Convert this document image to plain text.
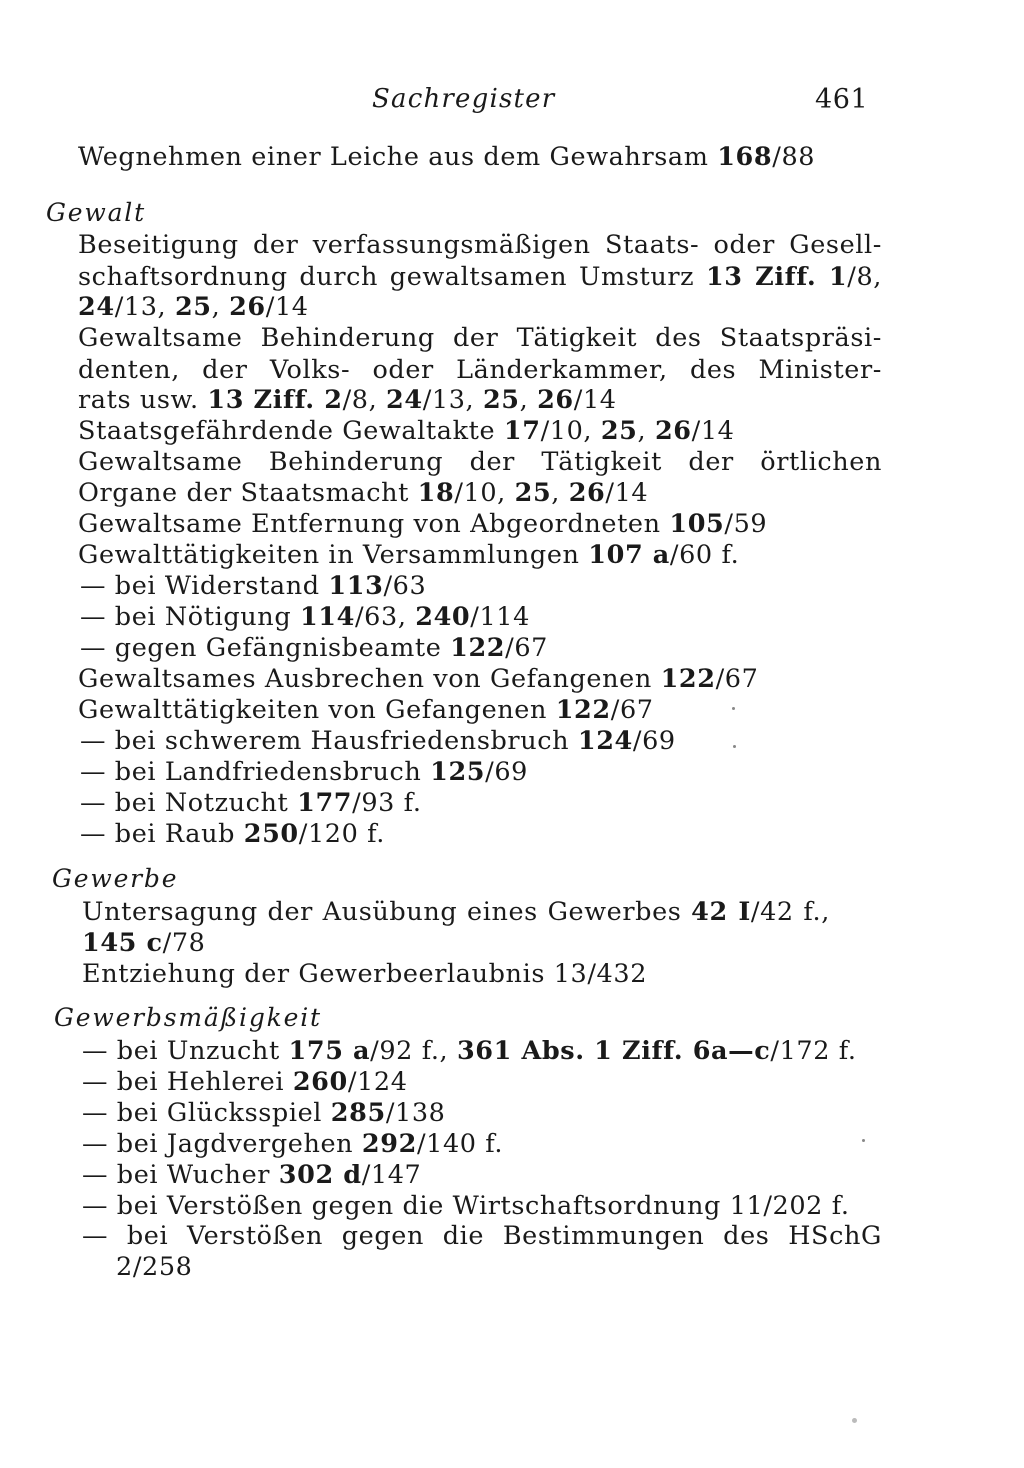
Sachregister	461
Wegnehmen einer Leiche aus dem Gewahrsam 168/88
Gewalt
Beseitigung der verfassungsmäßigen Staats- oder Gesell-
schaftsordnung durch gewaltsamen Umsturz 13 Ziff. 1/8,
24/13, 25, 26/14
Gewaltsame Behinderung der Tätigkeit des Staatspräsi-
denten, der Volks- oder Länderkammer, des Minister-
rats usw. 13 Ziff. 2/8, 24/13, 25, 26/14
Staatsgefährdende Gewaltakte 17/10, 25, 26/14
Gewaltsame Behinderung der Tätigkeit der örtlichen
Organe der Staatsmacht 18/10, 25, 26/14
Gewaltsame Entfernung von Abgeordneten 105/59
Gewalttätigkeiten in Versammlungen 107 a/60 f.
— bei Widerstand 113/63
— bei Nötigung 114/63, 240/114
— gegen Gefängnisbeamte 122/67
Gewaltsames Ausbrechen von Gefangenen 122/67
Gewalttätigkeiten von Gefangenen 122/67
— bei schwerem Hausfriedensbruch 124/69
— bei Landfriedensbruch 125/69
— bei Notzucht 177/93 f.
— bei Raub 250/120 f.
Gewerbe
Untersagung der Ausübung eines Gewerbes 42 I/42 f.,
145 c/78
Entziehung der Gewerbeerlaubnis 13/432
Gewerbsmäßigkeit
— bei Unzucht 175 a/92 f., 361 Abs. 1 Ziff. 6a—c/172 f.
— bei Hehlerei 260/124
— bei Glücksspiel 285/138
— bei Jagdvergehen 292/140 f.
— bei Wucher 302 d/147
— bei Verstößen gegen die Wirtschaftsordnung 11/202 f.
— bei Verstößen gegen die Bestimmungen des HSchG
2/258
